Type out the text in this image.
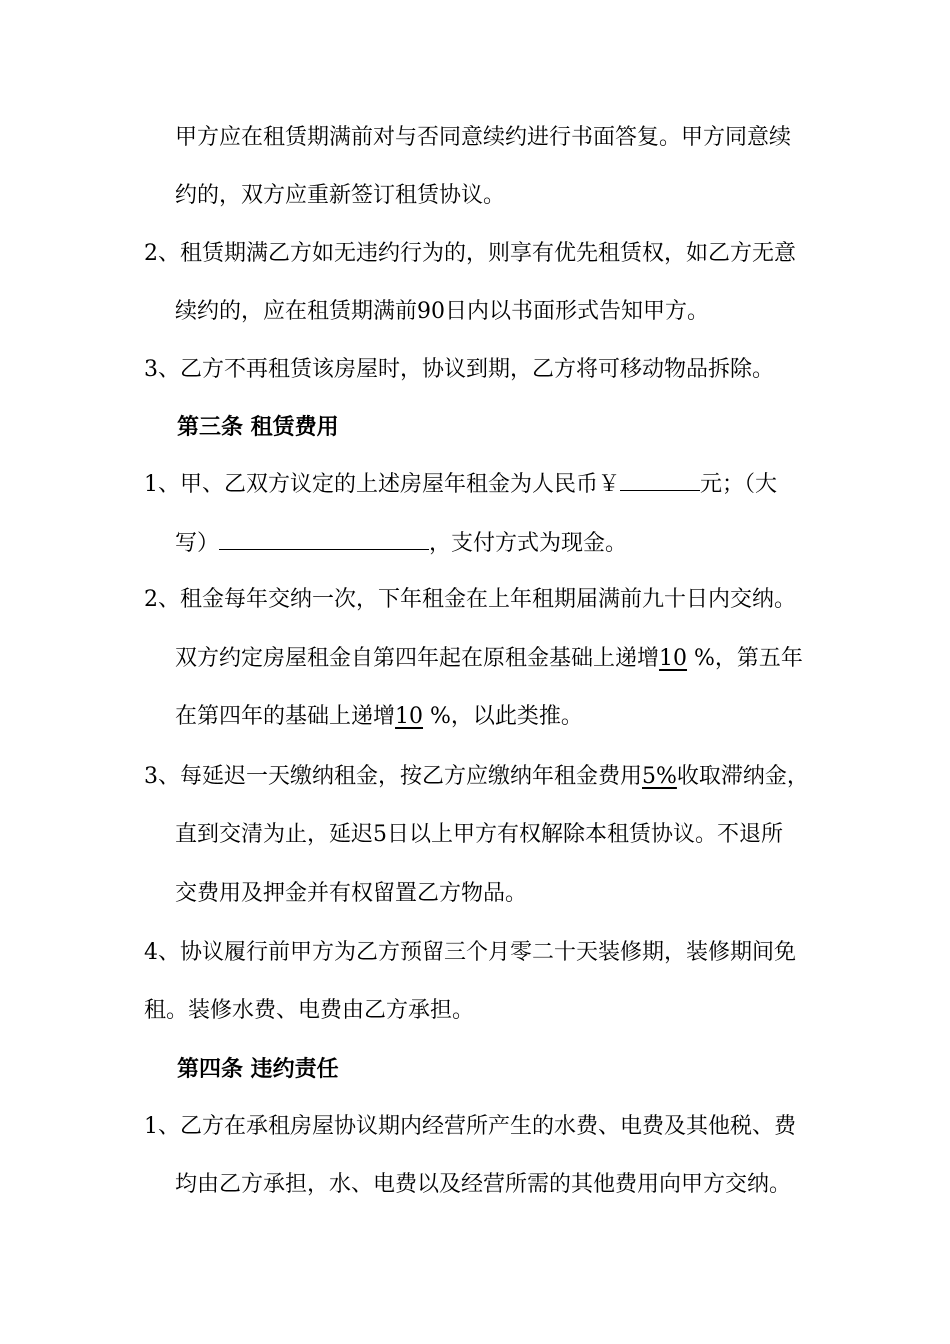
甲方应在租赁期满前对与否同意续约进行书面答复。甲方同意续
约的，双方应重新签订租赁协议。
2、租赁期满乙方如无违约行为的，则享有优先租赁权，如乙方无意
续约的，应在租赁期满前90日内以书面形式告知甲方。
3、乙方不再租赁该房屋时，协议到期，乙方将可移动物品拆除。
第三条 租赁费用
1、甲、乙双方议定的上述房屋年租金为人民币￥	元；（大
写）	，支付方式为现金。
2、租金每年交纳一次，下年租金在上年租期届满前九十日内交纳。
双方约定房屋租金自第四年起在原租金基础上递增10 %，第五年
在第四年的基础上递增10 %，以此类推。
3、每延迟一天缴纳租金，按乙方应缴纳年租金费用5%收取滞纳金，
直到交清为止，延迟5日以上甲方有权解除本租赁协议。不退所
交费用及押金并有权留置乙方物品。
4、协议履行前甲方为乙方预留三个月零二十天装修期，装修期间免
租。装修水费、电费由乙方承担。
第四条 违约责任
1、乙方在承租房屋协议期内经营所产生的水费、电费及其他税、费
均由乙方承担，水、电费以及经营所需的其他费用向甲方交纳。
